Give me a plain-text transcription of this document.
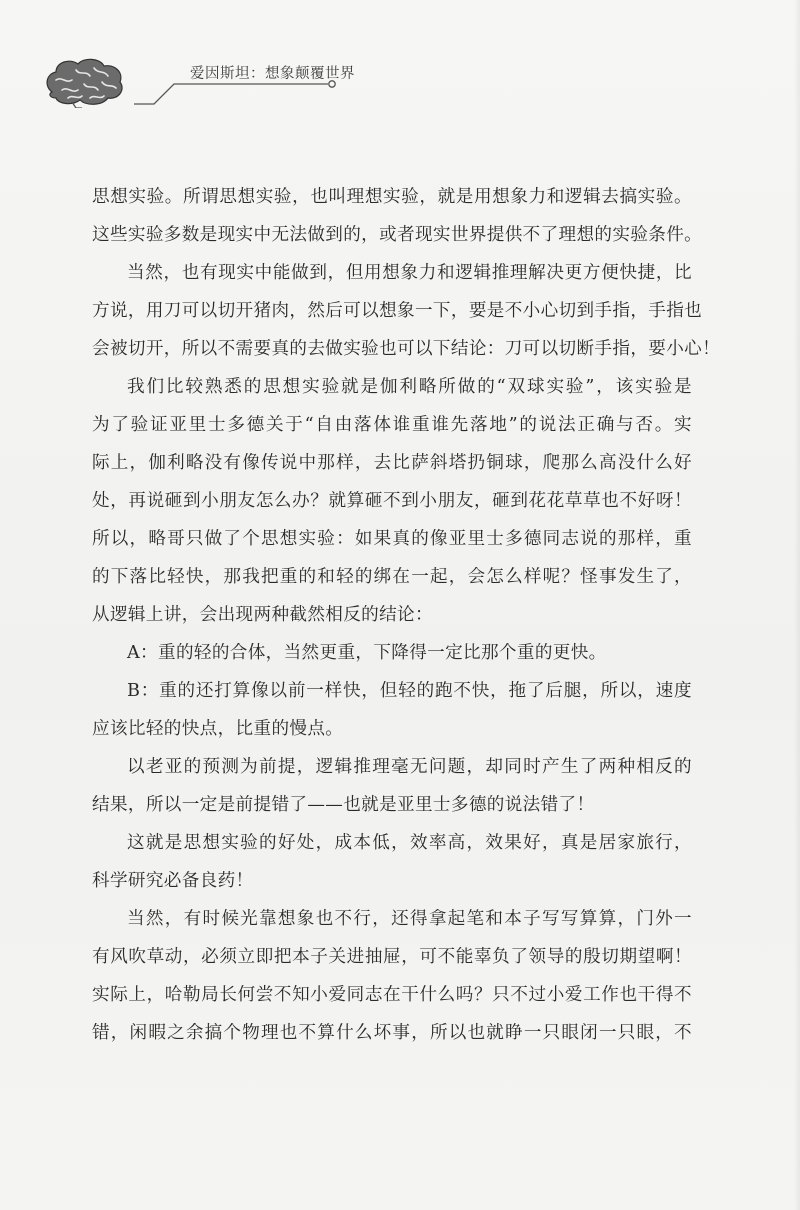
爱因斯坦：想象颠覆世界
思想实验。所谓思想实验，也叫理想实验，就是用想象力和逻辑去搞实验。
这些实验多数是现实中无法做到的，或者现实世界提供不了理想的实验条件。
当然，也有现实中能做到，但用想象力和逻辑推理解决更方便快捷，比
方说，用刀可以切开猪肉，然后可以想象一下，要是不小心切到手指，手指也
会被切开，所以不需要真的去做实验也可以下结论：刀可以切断手指，要小心！
我们比较熟悉的思想实验就是伽利略所做的“双球实验”，该实验是
为了验证亚里士多德关于“自由落体谁重谁先落地”的说法正确与否。实
际上，伽利略没有像传说中那样，去比萨斜塔扔铜球，爬那么高没什么好
处，再说砸到小朋友怎么办？就算砸不到小朋友，砸到花花草草也不好呀！
所以，略哥只做了个思想实验：如果真的像亚里士多德同志说的那样，重
的下落比轻快，那我把重的和轻的绑在一起，会怎么样呢？怪事发生了，
从逻辑上讲，会出现两种截然相反的结论：
A：重的轻的合体，当然更重，下降得一定比那个重的更快。
B：重的还打算像以前一样快，但轻的跑不快，拖了后腿，所以，速度
应该比轻的快点，比重的慢点。
以老亚的预测为前提，逻辑推理毫无问题，却同时产生了两种相反的
结果，所以一定是前提错了——也就是亚里士多德的说法错了！
这就是思想实验的好处，成本低，效率高，效果好，真是居家旅行，
科学研究必备良药！
当然，有时候光靠想象也不行，还得拿起笔和本子写写算算，门外一
有风吹草动，必须立即把本子关进抽屉，可不能辜负了领导的殷切期望啊！
实际上，哈勒局长何尝不知小爱同志在干什么吗？只不过小爱工作也干得不
错，闲暇之余搞个物理也不算什么坏事，所以也就睁一只眼闭一只眼，不
